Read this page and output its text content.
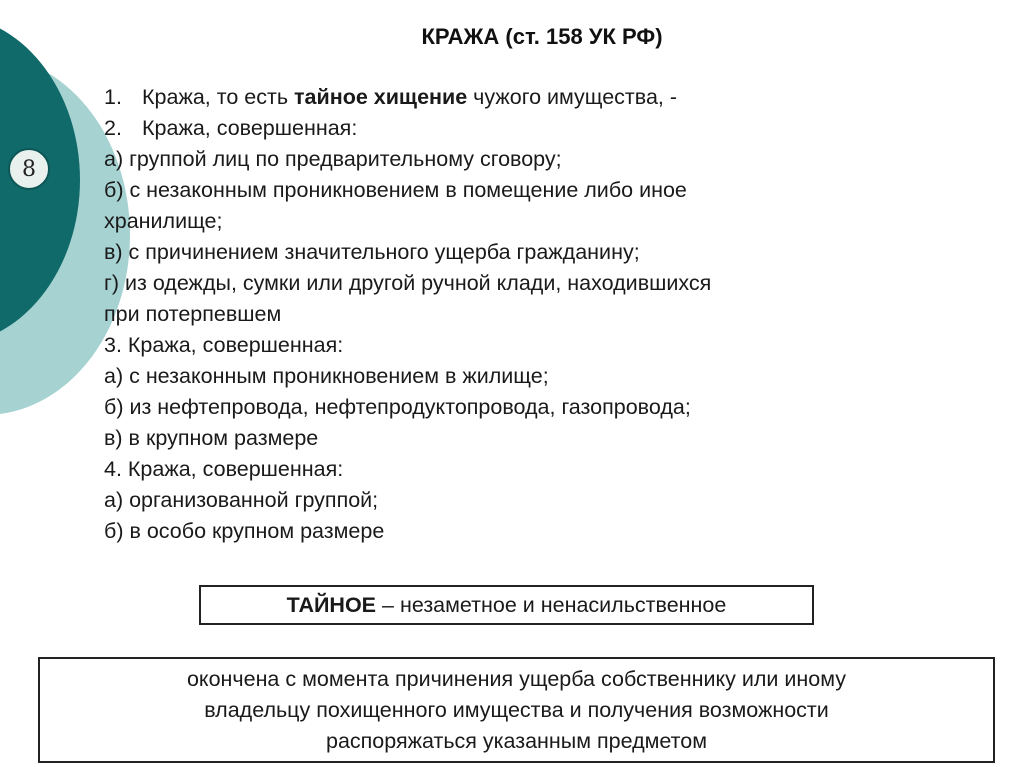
8
КРАЖА (ст. 158 УК РФ)
1. Кража, то есть тайное хищение чужого имущества, -
2. Кража, совершенная:
а) группой лиц по предварительному сговору;
б) с незаконным проникновением в помещение либо иное
хранилище;
в) с причинением значительного ущерба гражданину;
г) из одежды, сумки или другой ручной клади, находившихся
при потерпевшем
3. Кража, совершенная:
а) с незаконным проникновением в жилище;
б) из нефтепровода, нефтепродуктопровода, газопровода;
в) в крупном размере
4. Кража, совершенная:
а) организованной группой;
б) в особо крупном размере
ТАЙНОЕ – незаметное и ненасильственное
окончена с момента причинения ущерба собственнику или иному
владельцу похищенного имущества и получения возможности
распоряжаться указанным предметом
